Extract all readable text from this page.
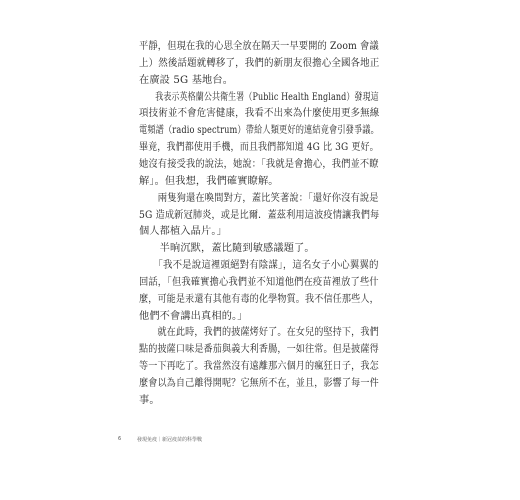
平靜，但現在我的心思全放在隔天一早要開的 Zoom 會議
上）然後話題就轉移了，我們的新朋友很擔心全國各地正
在廣設 5G 基地台。
　　我表示英格蘭公共衛生署（Public Health England）發現這
項技術並不會危害健康，我看不出來為什麼使用更多無線
電頻譜（radio spectrum）帶給人類更好的連結竟會引發爭議。
畢竟，我們都使用手機，而且我們都知道 4G 比 3G 更好。
她沒有接受我的說法，她說：「我就是會擔心，我們並不瞭
解」。但我想，我們確實瞭解。
　　兩隻狗還在喚間對方，蓋比笑著說：「還好你沒有說是
5G 造成新冠肺炎，或是比爾．蓋茲利用這波疫情讓我們每
個人都植入晶片。」
　　半晌沉默，蓋比隨到敏感議題了。
　　「我不是說這裡頭絕對有陰謀」，這名女子小心翼翼的
回話，「但我確實擔心我們並不知道他們在疫苗裡放了些什
麼，可能是汞還有其他有毒的化學物質。我不信任那些人，
他們不會講出真相的。」
　　就在此時，我們的披薩烤好了。在女兒的堅持下，我們
點的披薩口味是番茄與義大利香腸，一如往常。但是披薩得
等一下再吃了。我當然沒有遠離那六個月的瘋狂日子，我怎
麼會以為自己離得開呢？它無所不在，並且，影響了每一件
事。
6	發現免疫｜新冠疫苗的科學戰
